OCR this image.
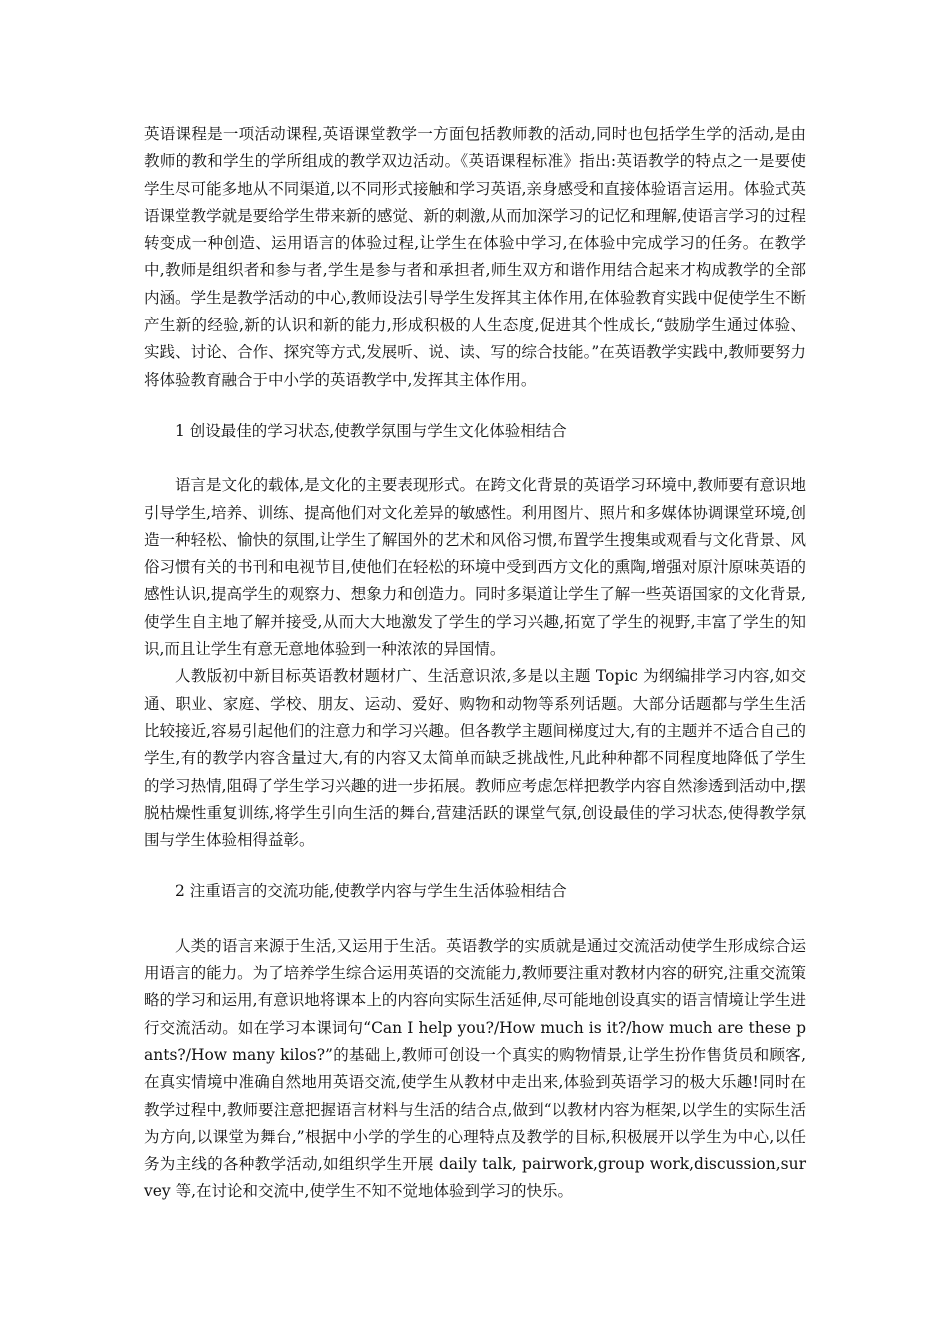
英语课程是一项活动课程,英语课堂教学一方面包括教师教的活动,同时也包括学生学的活动,是由教师的教和学生的学所组成的教学双边活动。《英语课程标准》指出:英语教学的特点之一是要使学生尽可能多地从不同渠道,以不同形式接触和学习英语,亲身感受和直接体验语言运用。体验式英语课堂教学就是要给学生带来新的感觉、新的刺激,从而加深学习的记忆和理解,使语言学习的过程转变成一种创造、运用语言的体验过程,让学生在体验中学习,在体验中完成学习的任务。在教学中,教师是组织者和参与者,学生是参与者和承担者,师生双方和谐作用结合起来才构成教学的全部内涵。学生是教学活动的中心,教师设法引导学生发挥其主体作用,在体验教育实践中促使学生不断产生新的经验,新的认识和新的能力,形成积极的人生态度,促进其个性成长,“鼓励学生通过体验、实践、讨论、合作、探究等方式,发展听、说、读、写的综合技能。”在英语教学实践中,教师要努力将体验教育融合于中小学的英语教学中,发挥其主体作用。

1 创设最佳的学习状态,使教学氛围与学生文化体验相结合

语言是文化的载体,是文化的主要表现形式。在跨文化背景的英语学习环境中,教师要有意识地引导学生,培养、训练、提高他们对文化差异的敏感性。利用图片、照片和多媒体协调课堂环境,创造一种轻松、愉快的氛围,让学生了解国外的艺术和风俗习惯,布置学生搜集或观看与文化背景、风俗习惯有关的书刊和电视节目,使他们在轻松的环境中受到西方文化的熏陶,增强对原汁原味英语的感性认识,提高学生的观察力、想象力和创造力。同时多渠道让学生了解一些英语国家的文化背景,使学生自主地了解并接受,从而大大地激发了学生的学习兴趣,拓宽了学生的视野,丰富了学生的知识,而且让学生有意无意地体验到一种浓浓的异国情。

人教版初中新目标英语教材题材广、生活意识浓,多是以主题 Topic 为纲编排学习内容,如交通、职业、家庭、学校、朋友、运动、爱好、购物和动物等系列话题。大部分话题都与学生生活比较接近,容易引起他们的注意力和学习兴趣。但各教学主题间梯度过大,有的主题并不适合自己的学生,有的教学内容含量过大,有的内容又太简单而缺乏挑战性,凡此种种都不同程度地降低了学生的学习热情,阻碍了学生学习兴趣的进一步拓展。教师应考虑怎样把教学内容自然渗透到活动中,摆脱枯燥性重复训练,将学生引向生活的舞台,营建活跃的课堂气氛,创设最佳的学习状态,使得教学氛围与学生体验相得益彰。

2 注重语言的交流功能,使教学内容与学生生活体验相结合

人类的语言来源于生活,又运用于生活。英语教学的实质就是通过交流活动使学生形成综合运用语言的能力。为了培养学生综合运用英语的交流能力,教师要注重对教材内容的研究,注重交流策略的学习和运用,有意识地将课本上的内容向实际生活延伸,尽可能地创设真实的语言情境让学生进行交流活动。如在学习本课词句“Can I help you?/How much is it?/how much are these pants?/How many kilos?”的基础上,教师可创设一个真实的购物情景,让学生扮作售货员和顾客,在真实情境中准确自然地用英语交流,使学生从教材中走出来,体验到英语学习的极大乐趣!同时在教学过程中,教师要注意把握语言材料与生活的结合点,做到“以教材内容为框架,以学生的实际生活为方向,以课堂为舞台,”根据中小学的学生的心理特点及教学的目标,积极展开以学生为中心,以任务为主线的各种教学活动,如组织学生开展 daily talk, pairwork,group work,discussion,survey 等,在讨论和交流中,使学生不知不觉地体验到学习的快乐。
